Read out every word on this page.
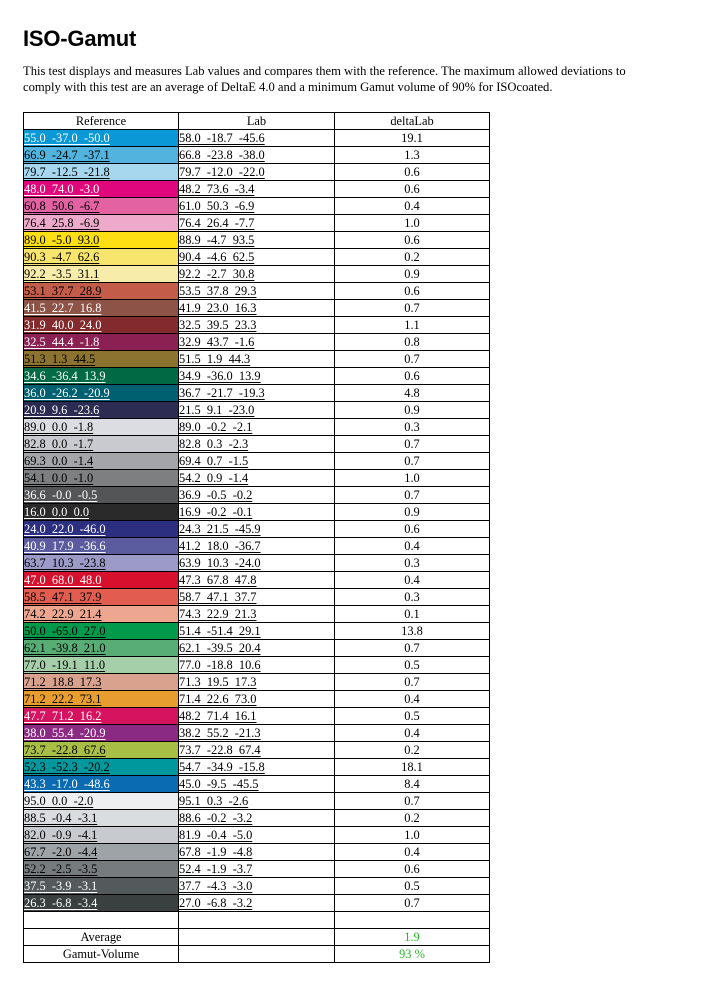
ISO-Gamut
This test displays and measures Lab values and compares them with the reference. The maximum allowed deviations to comply with this test are an average of DeltaE 4.0 and a minimum Gamut volume of 90% for ISOcoated.
Reference	Lab	deltaLab
55.0  -37.0  -50.0	58.0  -18.7  -45.6	19.1
66.9  -24.7  -37.1	66.8  -23.8  -38.0	1.3
79.7  -12.5  -21.8	79.7  -12.0  -22.0	0.6
48.0  74.0  -3.0	48.2  73.6  -3.4	0.6
60.8  50.6  -6.7	61.0  50.3  -6.9	0.4
76.4  25.8  -6.9	76.4  26.4  -7.7	1.0
89.0  -5.0  93.0	88.9  -4.7  93.5	0.6
90.3  -4.7  62.6	90.4  -4.6  62.5	0.2
92.2  -3.5  31.1	92.2  -2.7  30.8	0.9
53.1  37.7  28.9	53.5  37.8  29.3	0.6
41.5  22.7  16.8	41.9  23.0  16.3	0.7
31.9  40.0  24.0	32.5  39.5  23.3	1.1
32.5  44.4  -1.8	32.9  43.7  -1.6	0.8
51.3  1.3  44.5	51.5  1.9  44.3	0.7
34.6  -36.4  13.9	34.9  -36.0  13.9	0.6
36.0  -26.2  -20.9	36.7  -21.7  -19.3	4.8
20.9  9.6  -23.6	21.5  9.1  -23.0	0.9
89.0  0.0  -1.8	89.0  -0.2  -2.1	0.3
82.8  0.0  -1.7	82.8  0.3  -2.3	0.7
69.3  0.0  -1.4	69.4  0.7  -1.5	0.7
54.1  0.0  -1.0	54.2  0.9  -1.4	1.0
36.6  -0.0  -0.5	36.9  -0.5  -0.2	0.7
16.0  0.0  0.0	16.9  -0.2  -0.1	0.9
24.0  22.0  -46.0	24.3  21.5  -45.9	0.6
40.9  17.9  -36.6	41.2  18.0  -36.7	0.4
63.7  10.3  -23.8	63.9  10.3  -24.0	0.3
47.0  68.0  48.0	47.3  67.8  47.8	0.4
58.5  47.1  37.9	58.7  47.1  37.7	0.3
74.2  22.9  21.4	74.3  22.9  21.3	0.1
50.0  -65.0  27.0	51.4  -51.4  29.1	13.8
62.1  -39.8  21.0	62.1  -39.5  20.4	0.7
77.0  -19.1  11.0	77.0  -18.8  10.6	0.5
71.2  18.8  17.3	71.3  19.5  17.3	0.7
71.2  22.2  73.1	71.4  22.6  73.0	0.4
47.7  71.2  16.2	48.2  71.4  16.1	0.5
38.0  55.4  -20.9	38.2  55.2  -21.3	0.4
73.7  -22.8  67.6	73.7  -22.8  67.4	0.2
52.3  -52.3  -20.2	54.7  -34.9  -15.8	18.1
43.3  -17.0  -48.6	45.0  -9.5  -45.5	8.4
95.0  0.0  -2.0	95.1  0.3  -2.6	0.7
88.5  -0.4  -3.1	88.6  -0.2  -3.2	0.2
82.0  -0.9  -4.1	81.9  -0.4  -5.0	1.0
67.7  -2.0  -4.4	67.8  -1.9  -4.8	0.4
52.2  -2.5  -3.5	52.4  -1.9  -3.7	0.6
37.5  -3.9  -3.1	37.7  -4.3  -3.0	0.5
26.3  -6.8  -3.4	27.0  -6.8  -3.2	0.7

Average		1.9
Gamut-Volume		93 %
